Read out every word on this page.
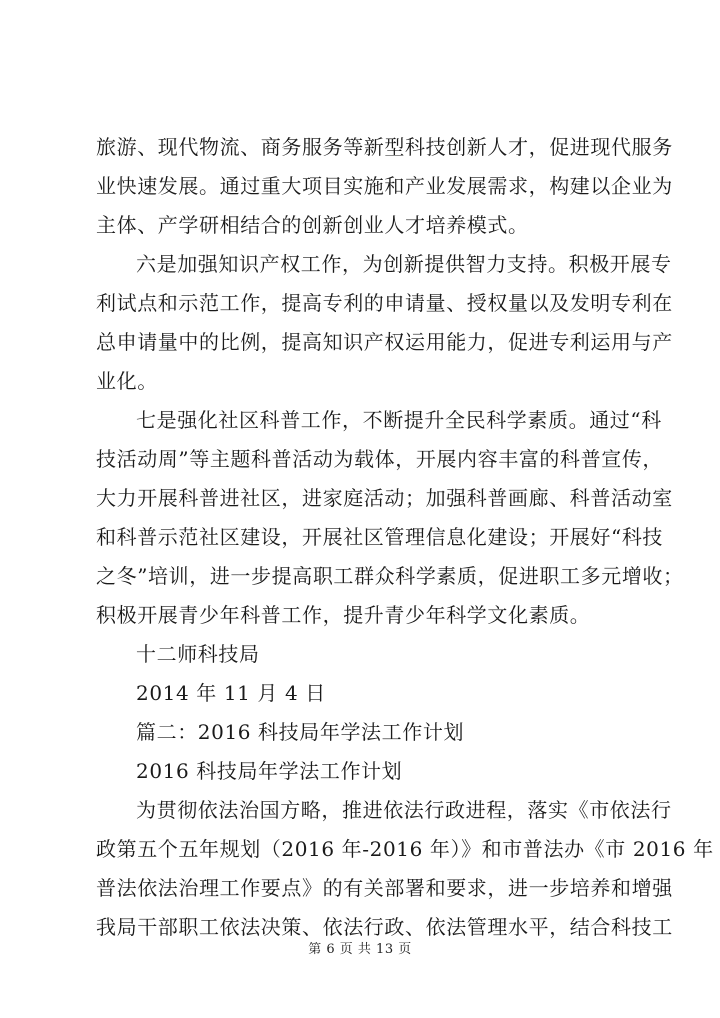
旅游、现代物流、商务服务等新型科技创新人才，促进现代服务
业快速发展。通过重大项目实施和产业发展需求，构建以企业为
主体、产学研相结合的创新创业人才培养模式。
六是加强知识产权工作，为创新提供智力支持。积极开展专
利试点和示范工作，提高专利的申请量、授权量以及发明专利在
总申请量中的比例，提高知识产权运用能力，促进专利运用与产
业化。
七是强化社区科普工作，不断提升全民科学素质。通过“科
技活动周”等主题科普活动为载体，开展内容丰富的科普宣传，
大力开展科普进社区，进家庭活动；加强科普画廊、科普活动室
和科普示范社区建设，开展社区管理信息化建设；开展好“科技
之冬”培训，进一步提高职工群众科学素质，促进职工多元增收；
积极开展青少年科普工作，提升青少年科学文化素质。
十二师科技局
2014 年 11 月 4 日
篇二：2016 科技局年学法工作计划
2016 科技局年学法工作计划
为贯彻依法治国方略，推进依法行政进程，落实《市依法行
政第五个五年规划（2016 年-2016 年）》和市普法办《市 2016 年
普法依法治理工作要点》的有关部署和要求，进一步培养和增强
我局干部职工依法决策、依法行政、依法管理水平，结合科技工
第 6 页 共 13 页
